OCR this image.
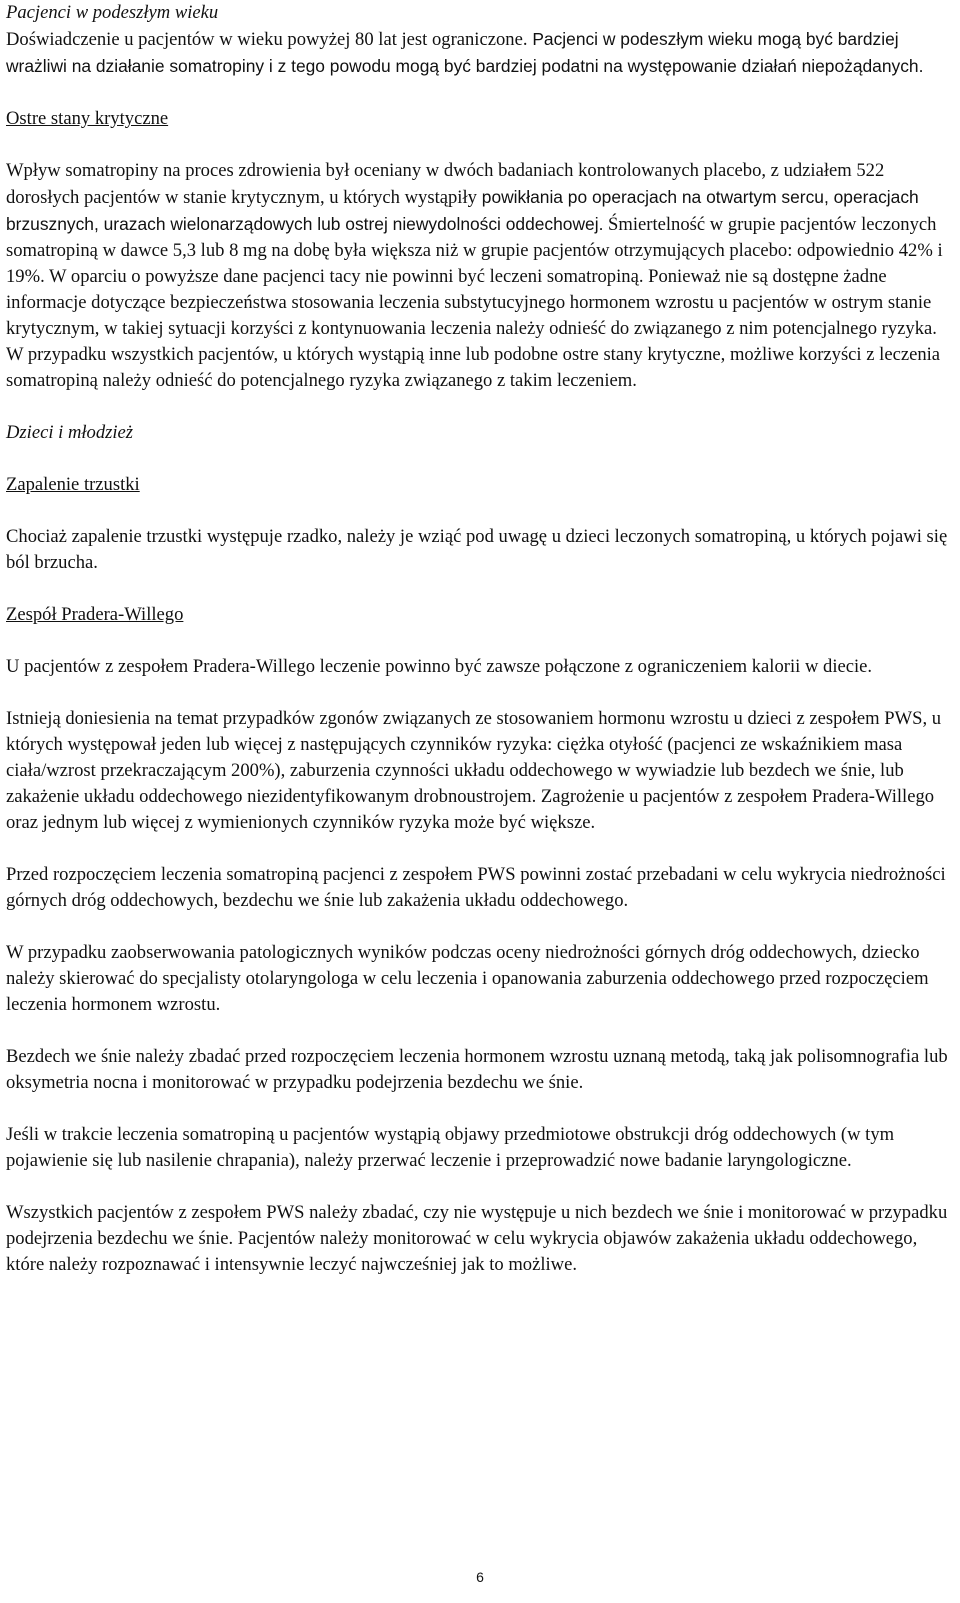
Pacjenci w podeszłym wieku

Doświadczenie u pacjentów w wieku powyżej 80 lat jest ograniczone. Pacjenci w podeszłym wieku mogą być bardziej wrażliwi na działanie somatropiny i z tego powodu mogą być bardziej podatni na występowanie działań niepożądanych.

Ostre stany krytyczne

Wpływ somatropiny na proces zdrowienia był oceniany w dwóch badaniach kontrolowanych placebo, z udziałem 522 dorosłych pacjentów w stanie krytycznym, u których wystąpiły powikłania po operacjach na otwartym sercu, operacjach brzusznych, urazach wielonarządowych lub ostrej niewydolności oddechowej. Śmiertelność w grupie pacjentów leczonych somatropiną w dawce 5,3 lub 8 mg na dobę była większa niż w grupie pacjentów otrzymujących placebo: odpowiednio 42% i 19%. W oparciu o powyższe dane pacjenci tacy nie powinni być leczeni somatropiną. Ponieważ nie są dostępne żadne informacje dotyczące bezpieczeństwa stosowania leczenia substytucyjnego hormonem wzrostu u pacjentów w ostrym stanie krytycznym, w takiej sytuacji korzyści z kontynuowania leczenia należy odnieść do związanego z nim potencjalnego ryzyka. W przypadku wszystkich pacjentów, u których wystąpią inne lub podobne ostre stany krytyczne, możliwe korzyści z leczenia somatropiną należy odnieść do potencjalnego ryzyka związanego z takim leczeniem.

Dzieci i młodzież

Zapalenie trzustki

Chociaż zapalenie trzustki występuje rzadko, należy je wziąć pod uwagę u dzieci leczonych somatropiną, u których pojawi się ból brzucha.

Zespół Pradera-Willego

U pacjentów z zespołem Pradera-Willego leczenie powinno być zawsze połączone z ograniczeniem kalorii w diecie.

Istnieją doniesienia na temat przypadków zgonów związanych ze stosowaniem hormonu wzrostu u dzieci z zespołem PWS, u których występował jeden lub więcej z następujących czynników ryzyka: ciężka otyłość (pacjenci ze wskaźnikiem masa ciała/wzrost przekraczającym 200%), zaburzenia czynności układu oddechowego w wywiadzie lub bezdech we śnie, lub zakażenie układu oddechowego niezidentyfikowanym drobnoustrojem. Zagrożenie u pacjentów z zespołem Pradera-Willego oraz jednym lub więcej z wymienionych czynników ryzyka może być większe.

Przed rozpoczęciem leczenia somatropiną pacjenci z zespołem PWS powinni zostać przebadani w celu wykrycia niedrożności górnych dróg oddechowych, bezdechu we śnie lub zakażenia układu oddechowego.

W przypadku zaobserwowania patologicznych wyników podczas oceny niedrożności górnych dróg oddechowych, dziecko należy skierować do specjalisty otolaryngologa w celu leczenia i opanowania zaburzenia oddechowego przed rozpoczęciem leczenia hormonem wzrostu.

Bezdech we śnie należy zbadać przed rozpoczęciem leczenia hormonem wzrostu uznaną metodą, taką jak polisomnografia lub oksymetria nocna i monitorować w przypadku podejrzenia bezdechu we śnie.

Jeśli w trakcie leczenia somatropiną u pacjentów wystąpią objawy przedmiotowe obstrukcji dróg oddechowych (w tym pojawienie się lub nasilenie chrapania), należy przerwać leczenie i przeprowadzić nowe badanie laryngologiczne.

Wszystkich pacjentów z zespołem PWS należy zbadać, czy nie występuje u nich bezdech we śnie i monitorować w przypadku podejrzenia bezdechu we śnie. Pacjentów należy monitorować w celu wykrycia objawów zakażenia układu oddechowego, które należy rozpoznawać i intensywnie leczyć najwcześniej jak to możliwe.

6
